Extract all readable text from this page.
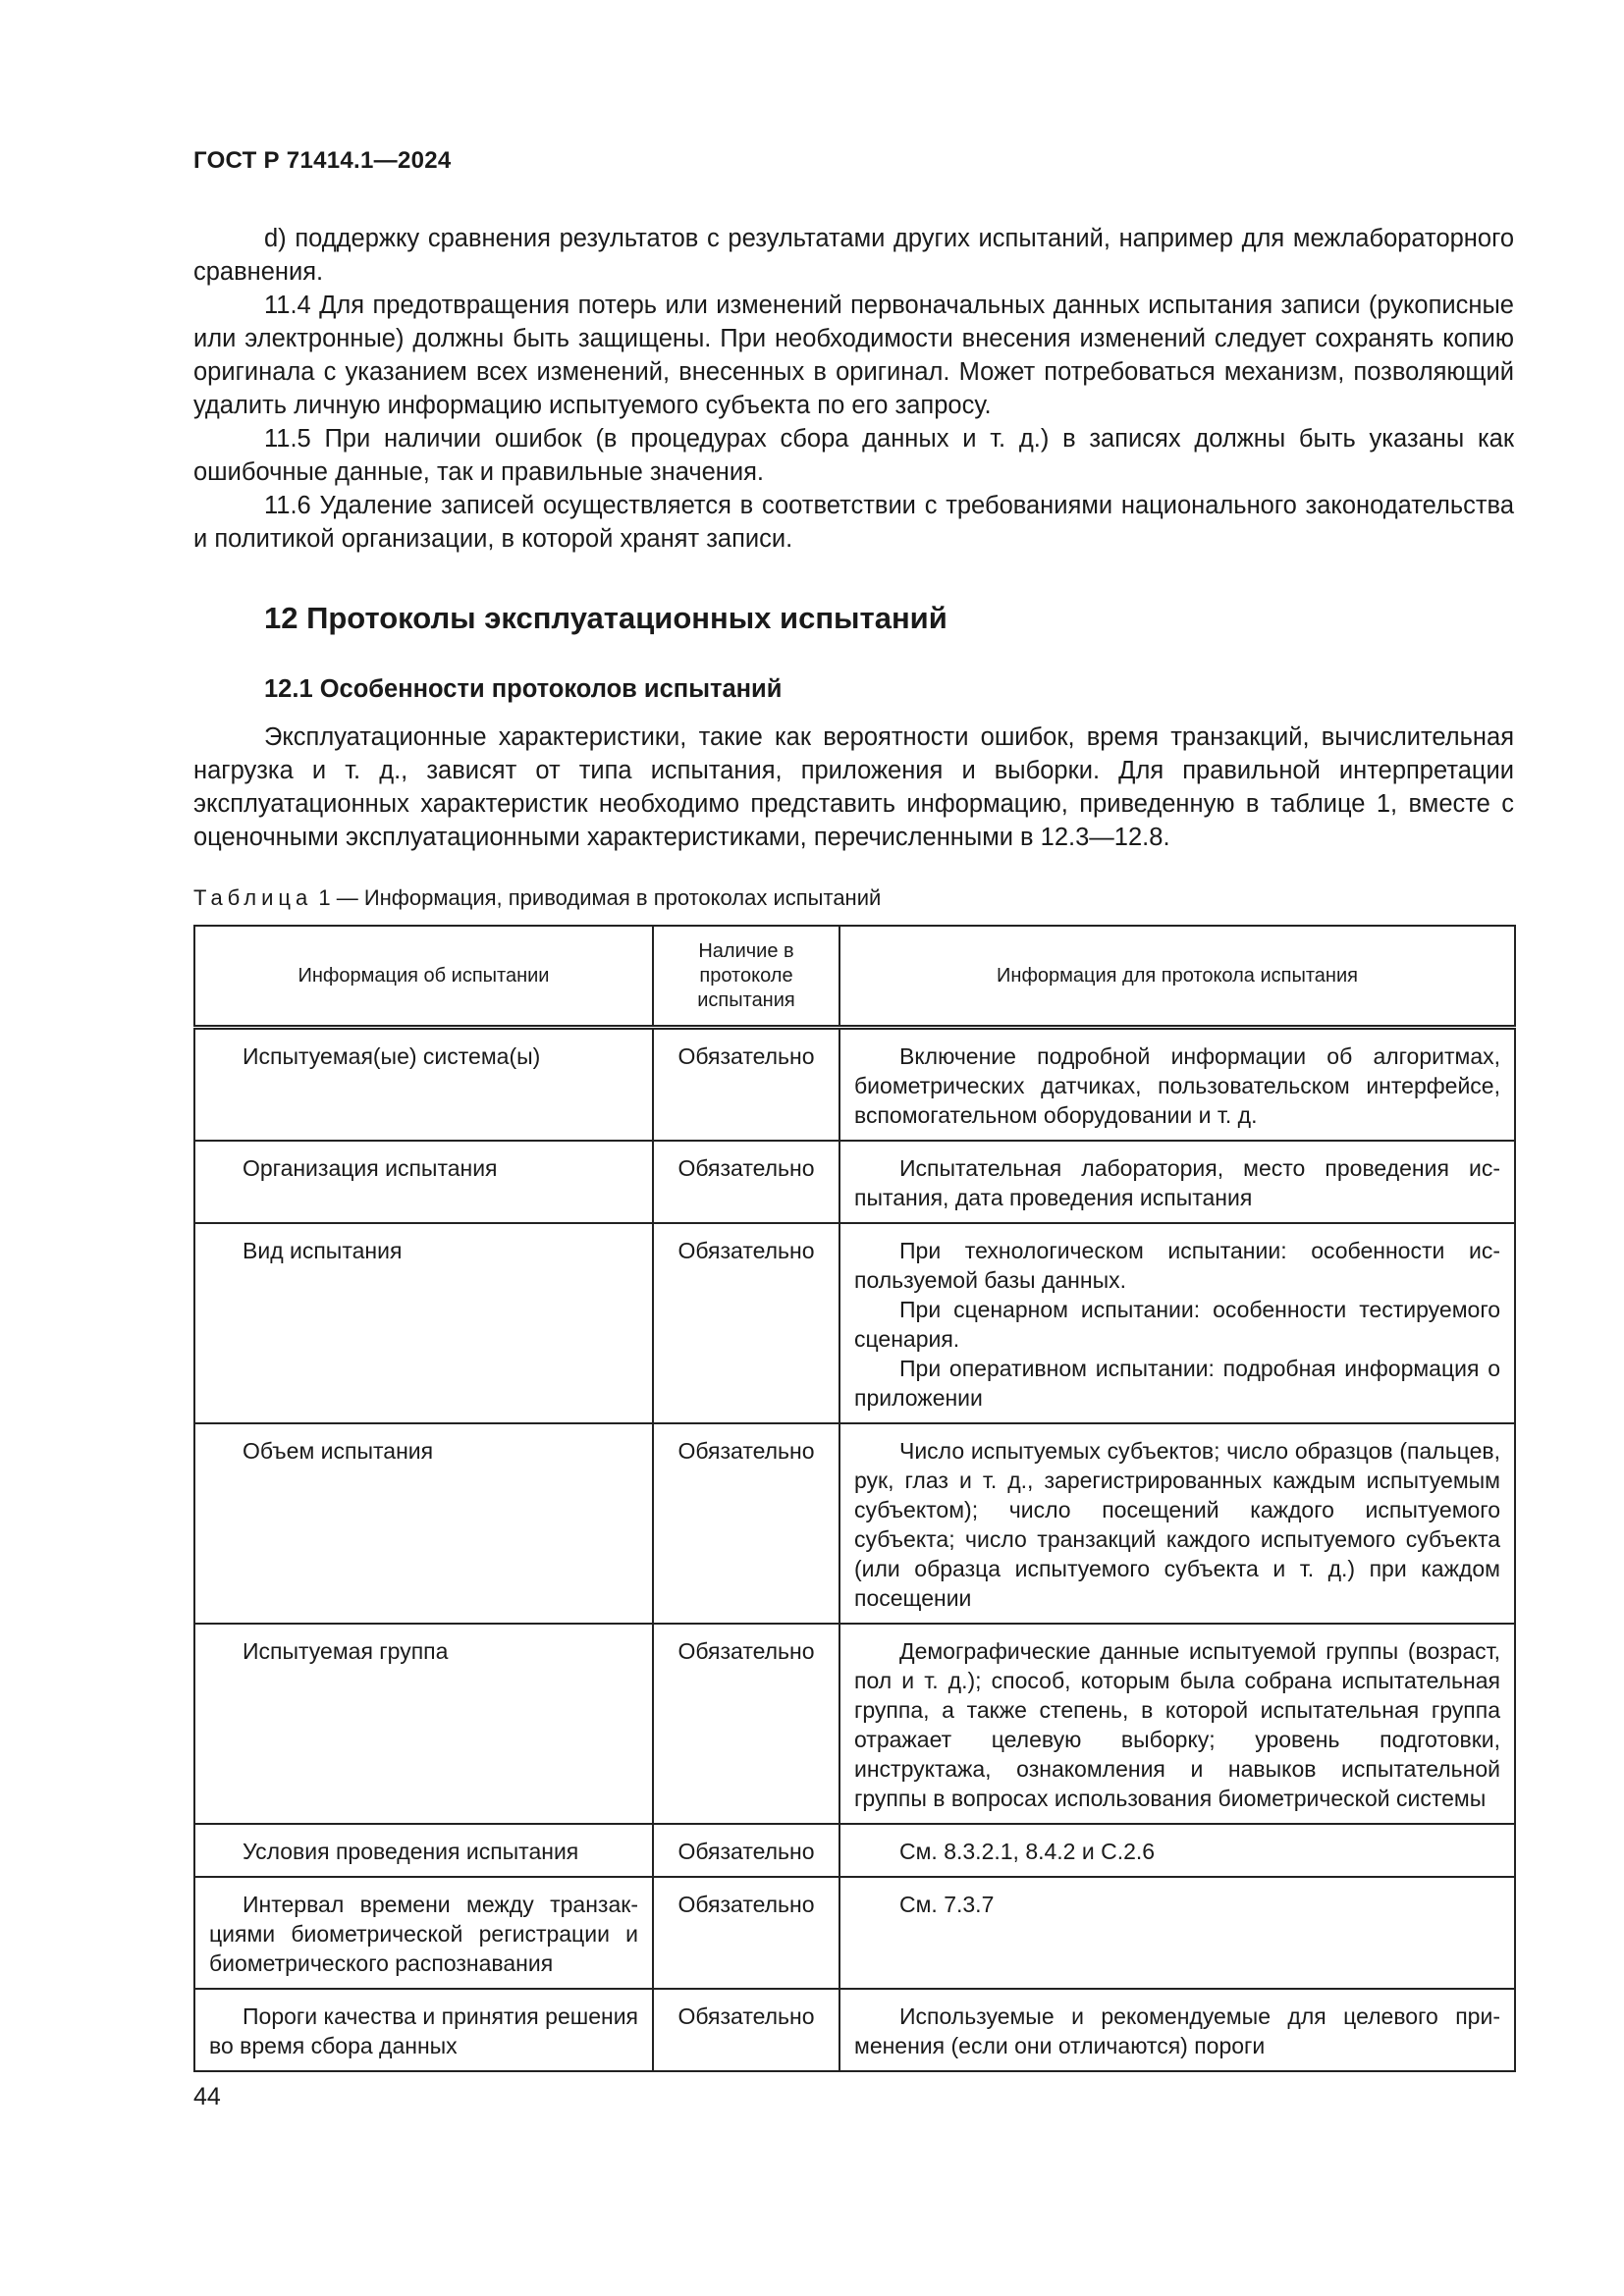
ГОСТ Р 71414.1—2024

d) поддержку сравнения результатов с результатами других испытаний, например для межлабораторного сравнения.

11.4 Для предотвращения потерь или изменений первоначальных данных испытания записи (рукописные или электронные) должны быть защищены. При необходимости внесения изменений следует сохранять копию оригинала с указанием всех изменений, внесенных в оригинал. Может потребоваться механизм, позволяющий удалить личную информацию испытуемого субъекта по его запросу.

11.5 При наличии ошибок (в процедурах сбора данных и т. д.) в записях должны быть указаны как ошибочные данные, так и правильные значения.

11.6 Удаление записей осуществляется в соответствии с требованиями национального законодательства и политикой организации, в которой хранят записи.

12 Протоколы эксплуатационных испытаний
12.1 Особенности протоколов испытаний

Эксплуатационные характеристики, такие как вероятности ошибок, время транзакций, вычислительная нагрузка и т. д., зависят от типа испытания, приложения и выборки. Для правильной интерпретации эксплуатационных характеристик необходимо представить информацию, приведенную в таблице 1, вместе с оценочными эксплуатационными характеристиками, перечисленными в 12.3—12.8.

Таблица 1 — Информация, приводимая в протоколах испытаний
Информация об испытании	Наличие в протоколе испытания	Информация для протокола испытания
Испытуемая(ые) система(ы)	Обязательно	Включение подробной информации об алгоритмах, биометрических датчиках, пользовательском интерфейсе, вспомогательном оборудовании и т. д.

Организация испытания	Обязательно	Испытательная лаборатория, место проведения испытания, дата проведения испытания

Вид испытания	Обязательно	При технологическом испытании: особенности используемой базы данных.
При сценарном испытании: особенности тестируемого сценария.
При оперативном испытании: подробная информация о приложении

Объем испытания	Обязательно	Число испытуемых субъектов; число образцов (пальцев, рук, глаз и т. д., зарегистрированных каждым испытуемым субъектом); число посещений каждого испытуемого субъекта; число транзакций каждого испытуемого субъекта (или образца испытуемого субъекта и т. д.) при каждом посещении

Испытуемая группа	Обязательно	Демографические данные испытуемой группы (возраст, пол и т. д.); способ, которым была собрана испытательная группа, а также степень, в которой испытательная группа отражает целевую выборку; уровень подготовки, инструктажа, ознакомления и навыков испытательной группы в вопросах использования биометрической системы

Условия проведения испытания	Обязательно	См. 8.3.2.1, 8.4.2 и С.2.6

Интервал времени между транзакциями биометрической регистрации и биометрического распознавания	Обязательно	См. 7.3.7

Пороги качества и принятия решения во время сбора данных	Обязательно	Используемые и рекомендуемые для целевого применения (если они отличаются) пороги
44
